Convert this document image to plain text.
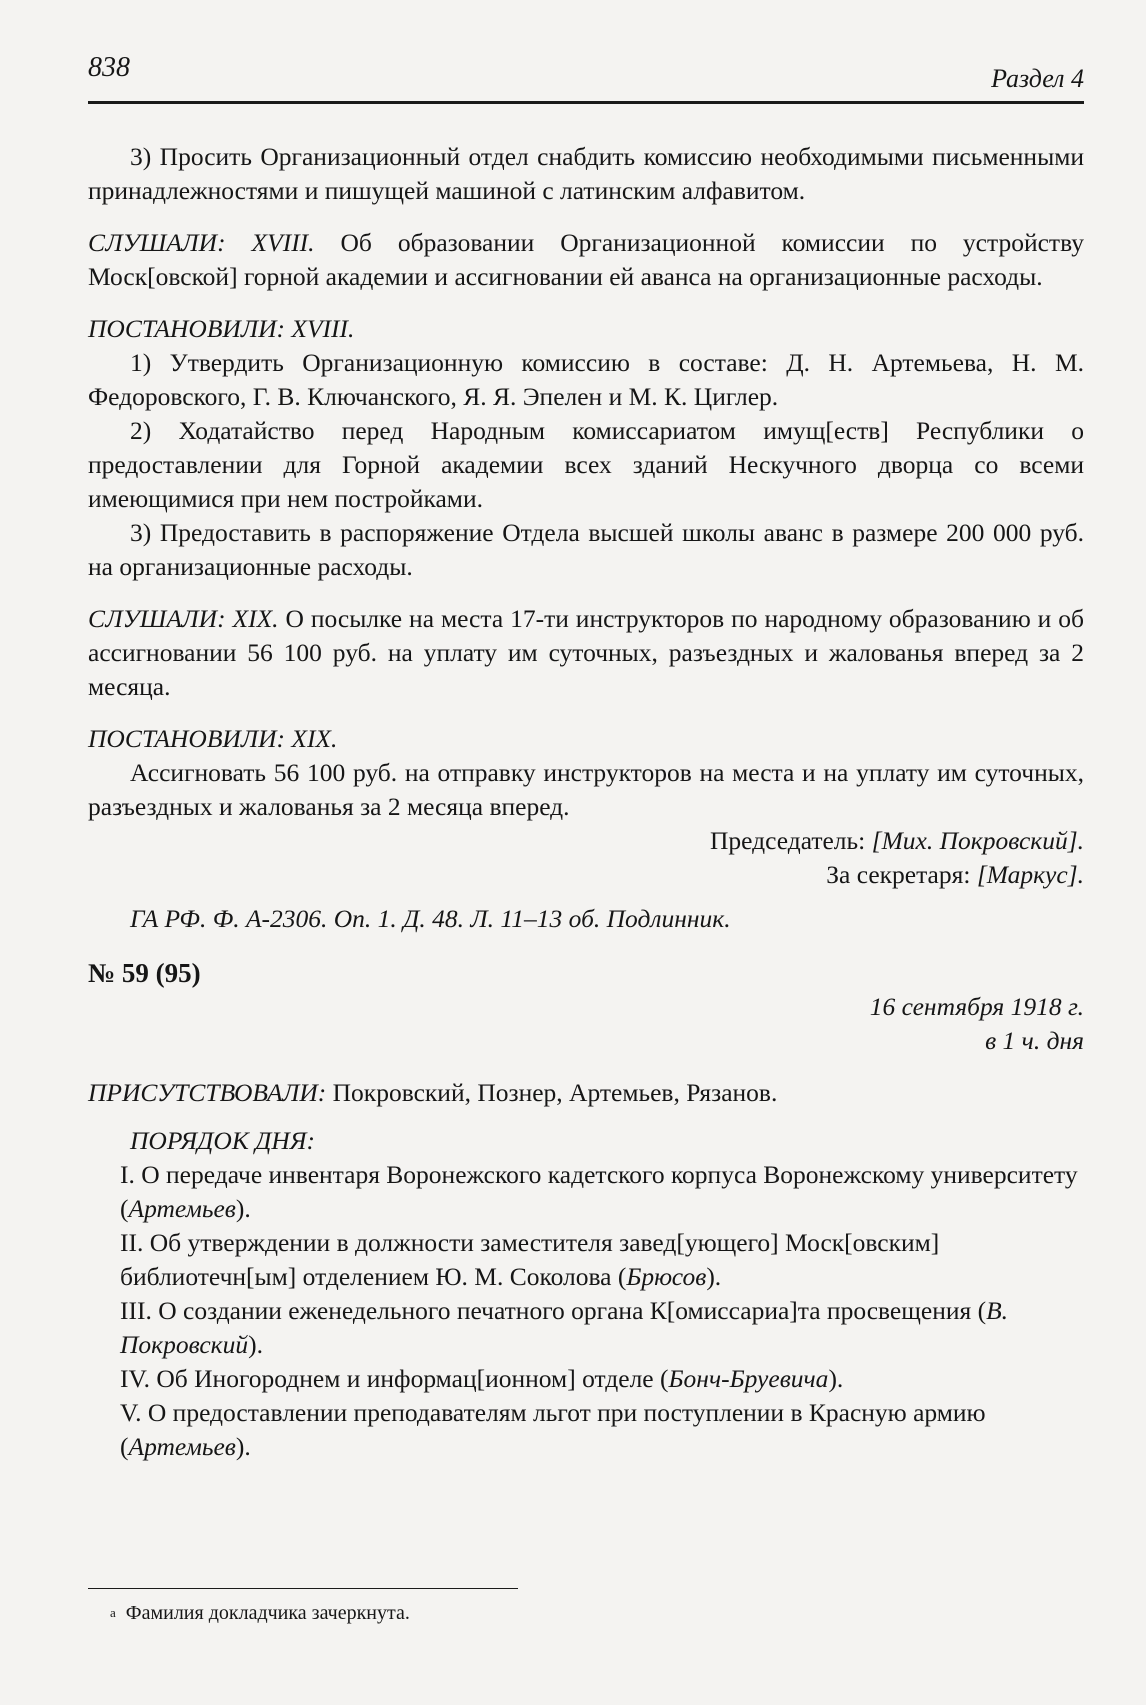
838	Раздел 4

3) Просить Организационный отдел снабдить комиссию необходимыми письменными принадлежностями и пишущей машиной с латинским алфавитом.

СЛУШАЛИ: XVIII. Об образовании Организационной комиссии по устройству Моск[овской] горной академии и ассигновании ей аванса на организационные расходы.

ПОСТАНОВИЛИ: XVIII.

1) Утвердить Организационную комиссию в составе: Д. Н. Артемьева, Н. М. Федоровского, Г. В. Ключанского, Я. Я. Эпелен и М. К. Циглер.

2) Ходатайство перед Народным комиссариатом имущ[еств] Республики о предоставлении для Горной академии всех зданий Нескучного дворца со всеми имеющимися при нем постройками.

3) Предоставить в распоряжение Отдела высшей школы аванс в размере 200 000 руб. на организационные расходы.

СЛУШАЛИ: XIX. О посылке на места 17-ти инструкторов по народному образованию и об ассигновании 56 100 руб. на уплату им суточных, разъездных и жалованья вперед за 2 месяца.

ПОСТАНОВИЛИ: XIX.

Ассигновать 56 100 руб. на отправку инструкторов на места и на уплату им суточных, разъездных и жалованья за 2 месяца вперед.

Председатель: [Мих. Покровский].

За секретаря: [Маркус].

ГА РФ. Ф. А-2306. Оп. 1. Д. 48. Л. 11–13 об. Подлинник.

№ 59 (95)

16 сентября 1918 г.

в 1 ч. дня

ПРИСУТСТВОВАЛИ: Покровский, Познер, Артемьев, Рязанов.

ПОРЯДОК ДНЯ:

I. О передаче инвентаря Воронежского кадетского корпуса Воронежскому университету (Артемьев).

II. Об утверждении в должности заместителя завед[ующего] Моск[овским] библиотечн[ым] отделением Ю. М. Соколова (Брюсов).

III. О создании еженедельного печатного органа К[омиссариа]та просвещения (В. Покровский).

IV. Об Иногороднем и информац[ионном] отделе (Бонч-Бруевича).

V. О предоставлении преподавателям льгот при поступлении в Красную армию (Артемьев).

$^а$ Фамилия докладчика зачеркнута.
